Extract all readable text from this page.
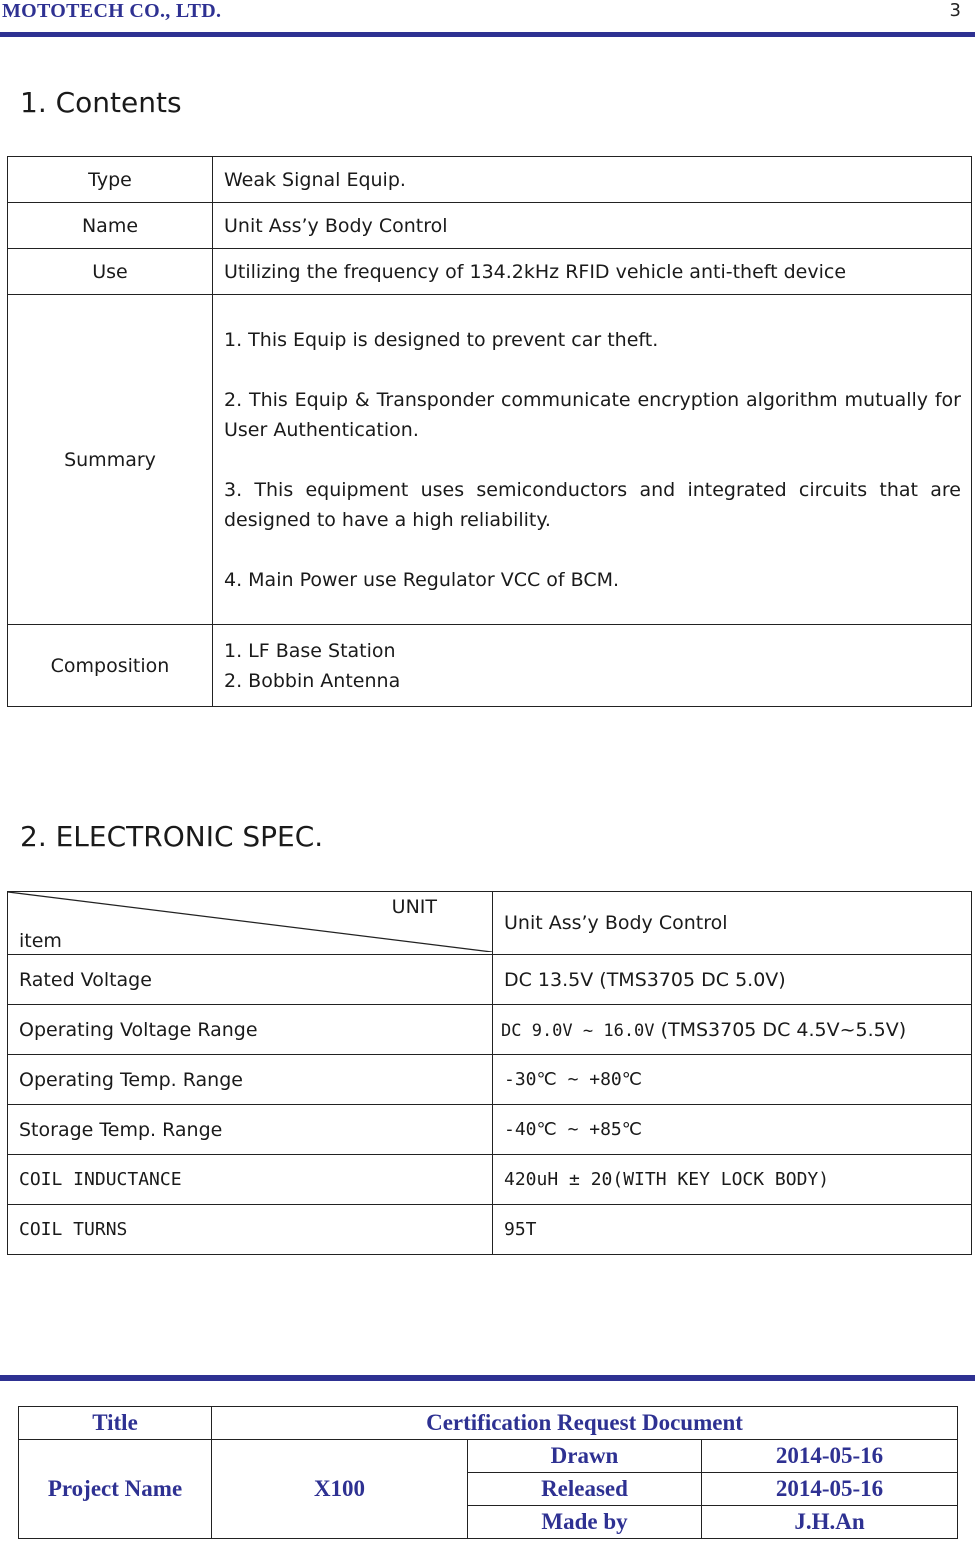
MOTOTECH CO., LTD.	3
1. Contents
Type	Weak Signal Equip.
Name	Unit Ass’y Body Control
Use	Utilizing the frequency of 134.2kHz RFID vehicle anti-theft device
Summary	1. This Equip is designed to prevent car theft.

2. This Equip & Transponder communicate encryption algorithm mutually for User Authentication.

3. This equipment uses semiconductors and integrated circuits that are designed to have a high reliability.

4. Main Power use Regulator VCC of BCM.

Composition	1. LF Base Station
2. Bobbin Antenna
2. ELECTRONIC SPEC.
UNIT
item	Unit Ass’y Body Control
Rated Voltage	DC 13.5V (TMS3705 DC 5.0V)
Operating Voltage Range	DC 9.0V ~ 16.0V (TMS3705 DC 4.5V~5.5V)
Operating Temp. Range	-30℃ ~ +80℃
Storage Temp. Range	-40℃ ~ +85℃
COIL INDUCTANCE	420uH ± 20(WITH KEY LOCK BODY)
COIL TURNS	95T
Title	Certification Request Document		
Project Name	X100	Drawn	2014-05-16
		Released	2014-05-16
		Made by	J.H.An
